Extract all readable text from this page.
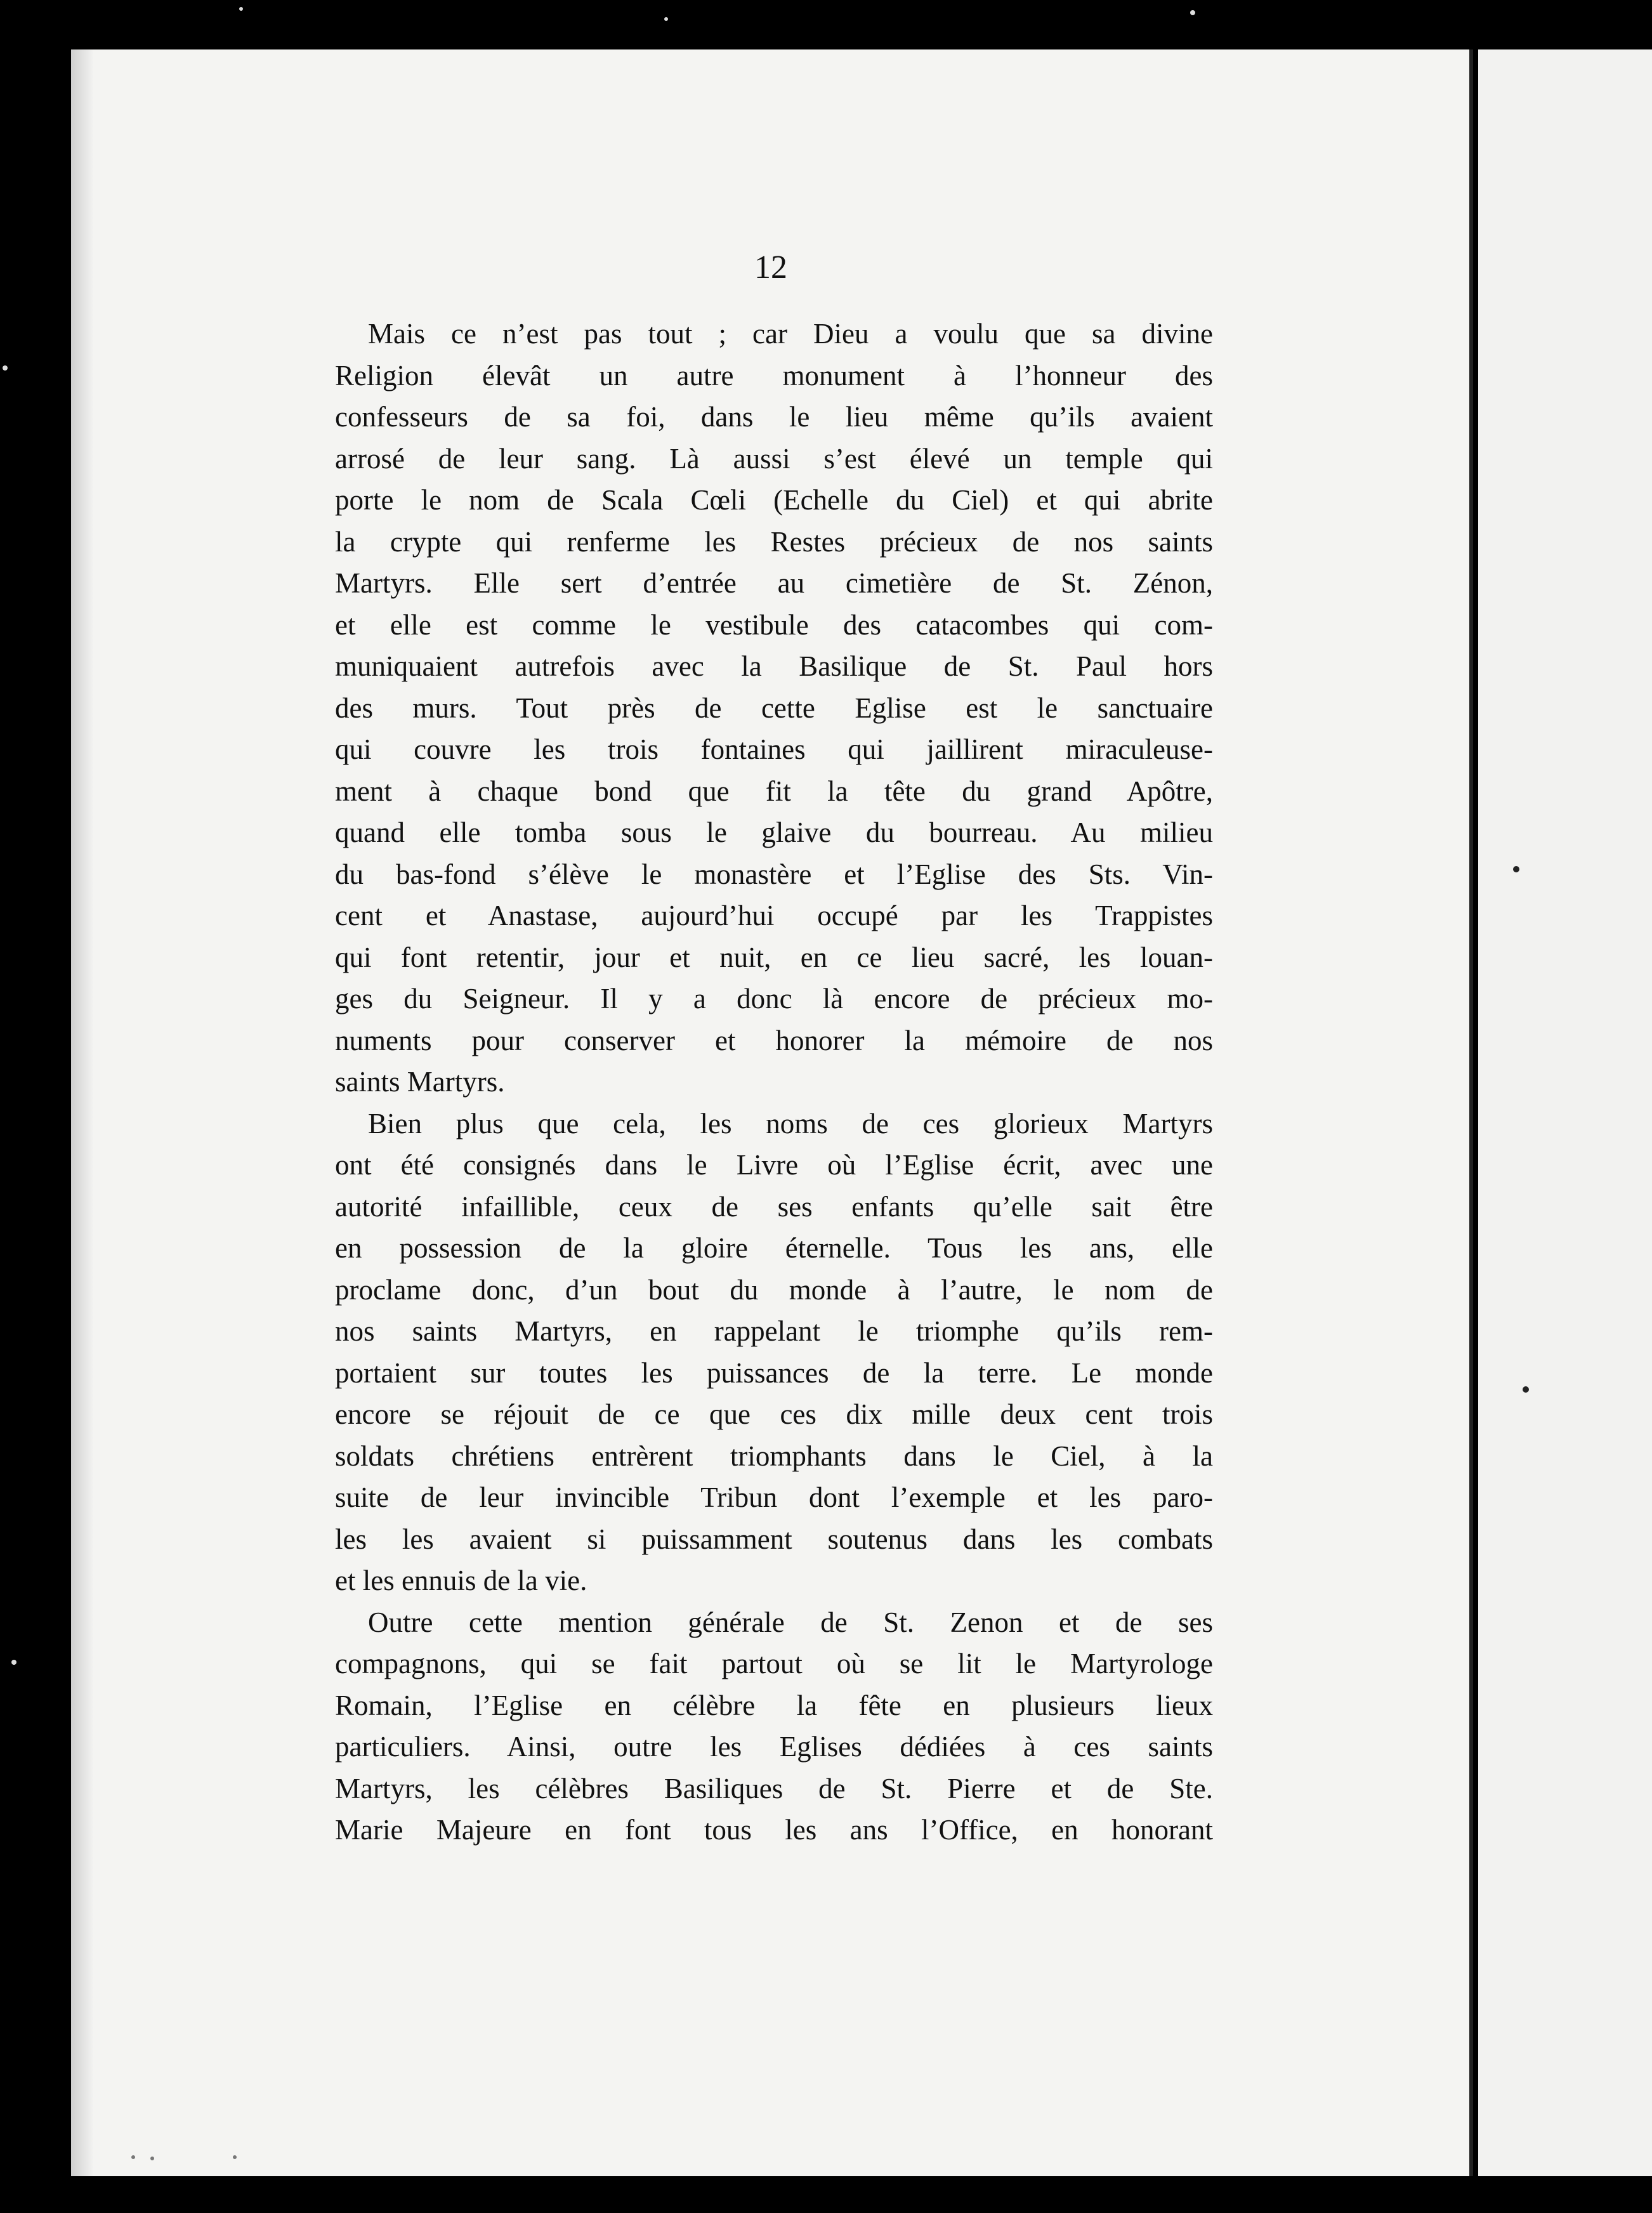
12
Mais ce n’est pas tout ; car Dieu a voulu que sa divine
Religion élevât un autre monument à l’honneur des
confesseurs de sa foi, dans le lieu même qu’ils avaient
arrosé de leur sang. Là aussi s’est élevé un temple qui
porte le nom de Scala Cœli (Echelle du Ciel) et qui abrite
la crypte qui renferme les Restes précieux de nos saints
Martyrs. Elle sert d’entrée au cimetière de St. Zénon,
et elle est comme le vestibule des catacombes qui com-
muniquaient autrefois avec la Basilique de St. Paul hors
des murs. Tout près de cette Eglise est le sanctuaire
qui couvre les trois fontaines qui jaillirent miraculeuse-
ment à chaque bond que fit la tête du grand Apôtre,
quand elle tomba sous le glaive du bourreau. Au milieu
du bas-fond s’élève le monastère et l’Eglise des Sts. Vin-
cent et Anastase, aujourd’hui occupé par les Trappistes
qui font retentir, jour et nuit, en ce lieu sacré, les louan-
ges du Seigneur. Il y a donc là encore de précieux mo-
numents pour conserver et honorer la mémoire de nos
saints Martyrs.
Bien plus que cela, les noms de ces glorieux Martyrs
ont été consignés dans le Livre où l’Eglise écrit, avec une
autorité infaillible, ceux de ses enfants qu’elle sait être
en possession de la gloire éternelle. Tous les ans, elle
proclame donc, d’un bout du monde à l’autre, le nom de
nos saints Martyrs, en rappelant le triomphe qu’ils rem-
portaient sur toutes les puissances de la terre. Le monde
encore se réjouit de ce que ces dix mille deux cent trois
soldats chrétiens entrèrent triomphants dans le Ciel, à la
suite de leur invincible Tribun dont l’exemple et les paro-
les les avaient si puissamment soutenus dans les combats
et les ennuis de la vie.
Outre cette mention générale de St. Zenon et de ses
compagnons, qui se fait partout où se lit le Martyrologe
Romain, l’Eglise en célèbre la fête en plusieurs lieux
particuliers. Ainsi, outre les Eglises dédiées à ces saints
Martyrs, les célèbres Basiliques de St. Pierre et de Ste.
Marie Majeure en font tous les ans l’Office, en honorant
